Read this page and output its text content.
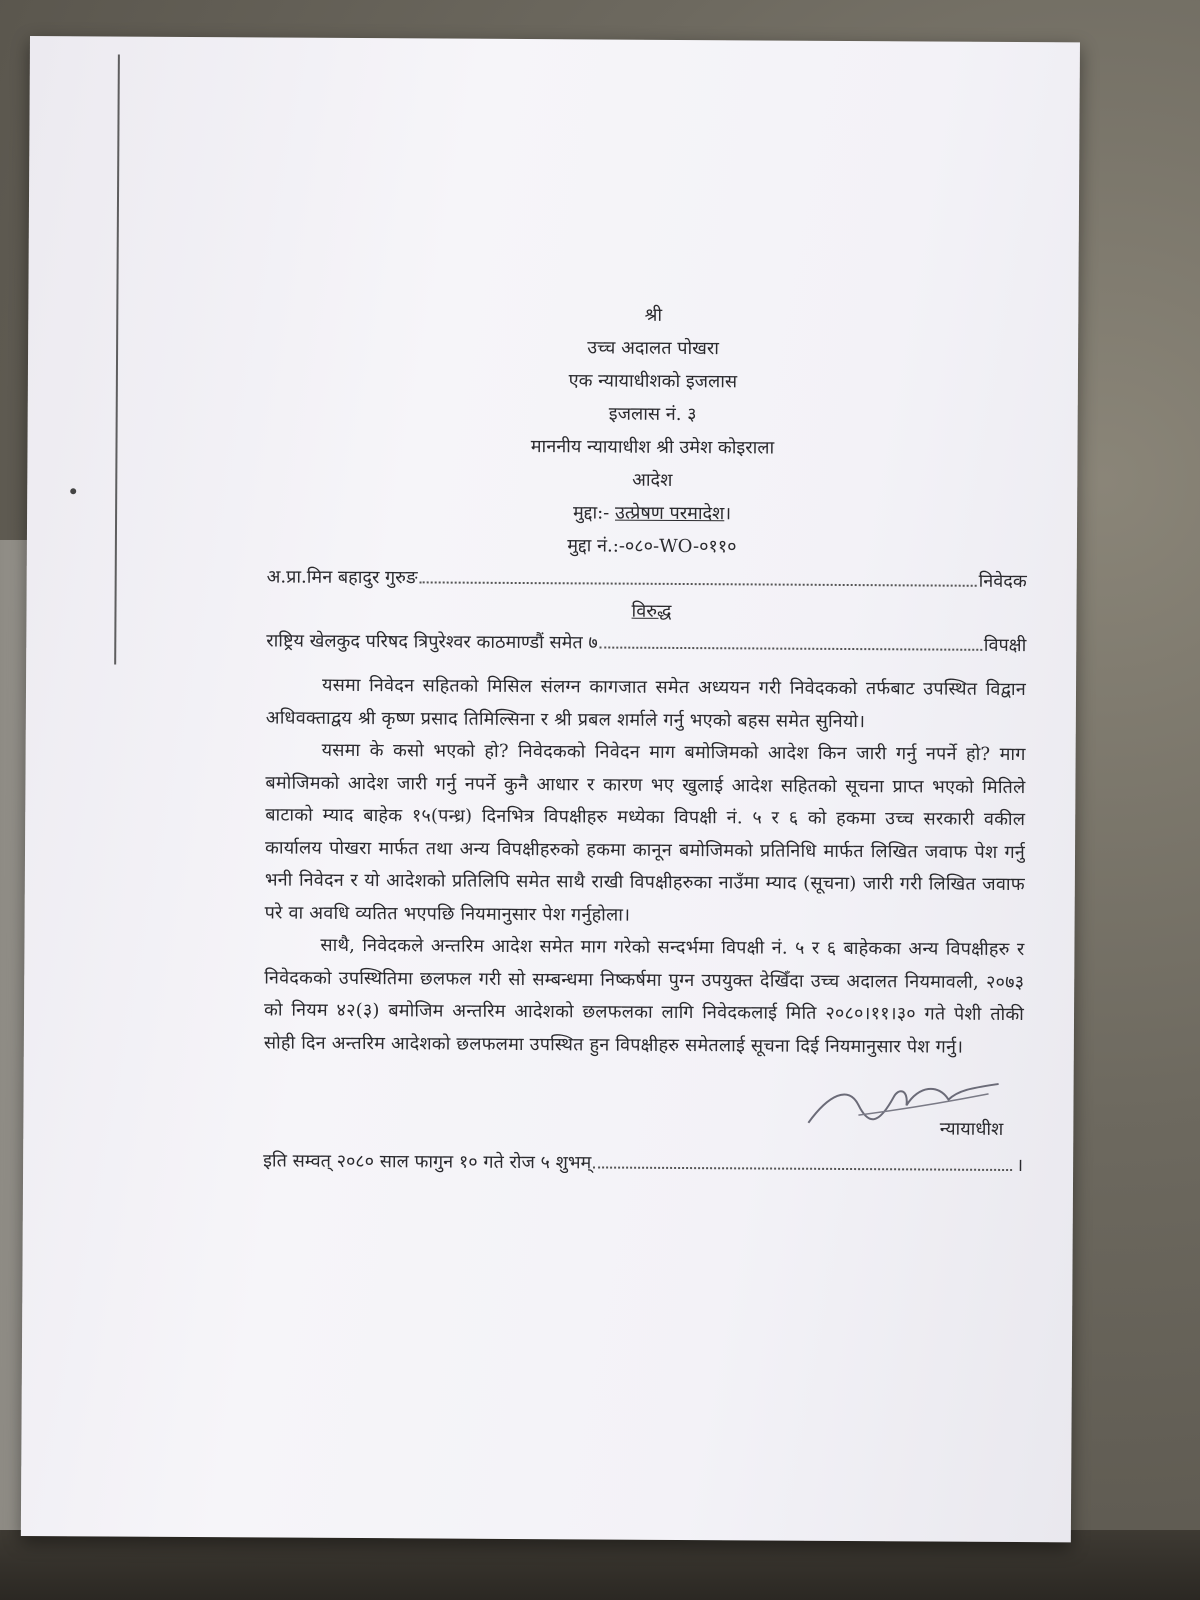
श्री
उच्च अदालत पोखरा
एक न्यायाधीशको इजलास
इजलास नं. ३
माननीय न्यायाधीश श्री उमेश कोइराला
आदेश
मुद्दा:- उत्प्रेषण परमादेश।
मुद्दा नं.:-०८०-WO-०११०
अ.प्रा.मिन बहादुर गुरुङ	निवेदक
विरुद्ध
राष्ट्रिय खेलकुद परिषद त्रिपुरेश्वर काठमाण्डौं समेत ७	विपक्षी

यसमा निवेदन सहितको मिसिल संलग्न कागजात समेत अध्ययन गरी निवेदकको तर्फबाट उपस्थित विद्वान अधिवक्ताद्वय श्री कृष्ण प्रसाद तिमिल्सिना र श्री प्रबल शर्मा‌ले गर्नु भएको बहस समेत सुनियो।

यसमा के कसो भएको हो? निवेदकको निवेदन माग बमोजिमको आदेश किन जारी गर्नु नपर्ने हो? माग बमोजिमको आदेश जारी गर्नु नपर्ने कुनै आधार र कारण भए खुलाई आदेश सहितको सूचना प्राप्त भएको मितिले बाटाको म्याद बाहेक १५(पन्ध्र) दिनभित्र विपक्षीहरु मध्येका विपक्षी नं. ५ र ६ को हकमा उच्च सरकारी वकील कार्यालय पोखरा मार्फत तथा अन्य विपक्षीहरुको हकमा कानून बमोजिमको प्रतिनिधि मार्फत लिखित जवाफ पेश गर्नु भनी निवेदन र यो आदेशको प्रतिलिपि समेत साथै राखी विपक्षीहरुका नाउँमा म्याद (सूचना) जारी गरी लिखित जवाफ परे वा अवधि व्यतित भएपछि नियमानुसार पेश गर्नुहोला।

साथै, निवेदकले अन्तरिम आदेश समेत माग गरेको सन्दर्भमा विपक्षी नं. ५ र ६ बाहेकका अन्य विपक्षीहरु र निवेदकको उपस्थितिमा छलफल गरी सो सम्बन्धमा निष्कर्षमा पुग्न उपयुक्त देखिँदा उच्च अदालत नियमावली, २०७३ को नियम ४२(३) बमोजिम अन्तरिम आदेशको छलफलका लागि निवेदकलाई मिति २०८०।११।३० गते पेशी तोकी सोही दिन अन्तरिम आदेशको छलफलमा उपस्थित हुन विपक्षीहरु समेतलाई सूचना दिई नियमानुसार पेश गर्नु।

न्यायाधीश
इति सम्वत् २०८० साल फागुन १० गते रोज ५ शुभम्	।
